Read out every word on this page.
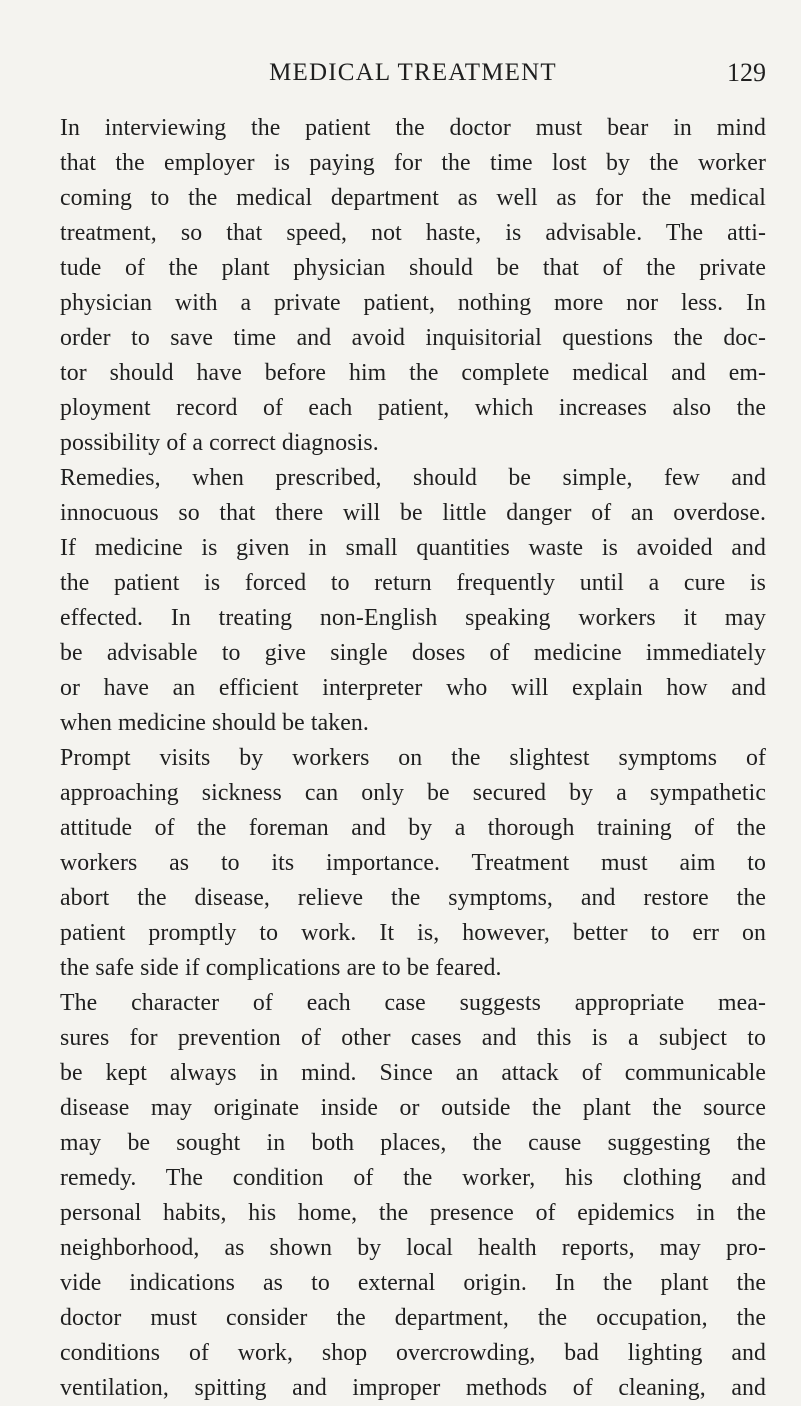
MEDICAL TREATMENT	129
In interviewing the patient the doctor must bear in mind
that the employer is paying for the time lost by the worker
coming to the medical department as well as for the medical
treatment, so that speed, not haste, is advisable. The atti-
tude of the plant physician should be that of the private
physician with a private patient, nothing more nor less. In
order to save time and avoid inquisitorial questions the doc-
tor should have before him the complete medical and em-
ployment record of each patient, which increases also the
possibility of a correct diagnosis.
Remedies, when prescribed, should be simple, few and
innocuous so that there will be little danger of an overdose.
If medicine is given in small quantities waste is avoided and
the patient is forced to return frequently until a cure is
effected. In treating non-English speaking workers it may
be advisable to give single doses of medicine immediately
or have an efficient interpreter who will explain how and
when medicine should be taken.
Prompt visits by workers on the slightest symptoms of
approaching sickness can only be secured by a sympathetic
attitude of the foreman and by a thorough training of the
workers as to its importance. Treatment must aim to
abort the disease, relieve the symptoms, and restore the
patient promptly to work. It is, however, better to err on
the safe side if complications are to be feared.
The character of each case suggests appropriate mea-
sures for prevention of other cases and this is a subject to
be kept always in mind. Since an attack of communicable
disease may originate inside or outside the plant the source
may be sought in both places, the cause suggesting the
remedy. The condition of the worker, his clothing and
personal habits, his home, the presence of epidemics in the
neighborhood, as shown by local health reports, may pro-
vide indications as to external origin. In the plant the
doctor must consider the department, the occupation, the
conditions of work, shop overcrowding, bad lighting and
ventilation, spitting and improper methods of cleaning, and
